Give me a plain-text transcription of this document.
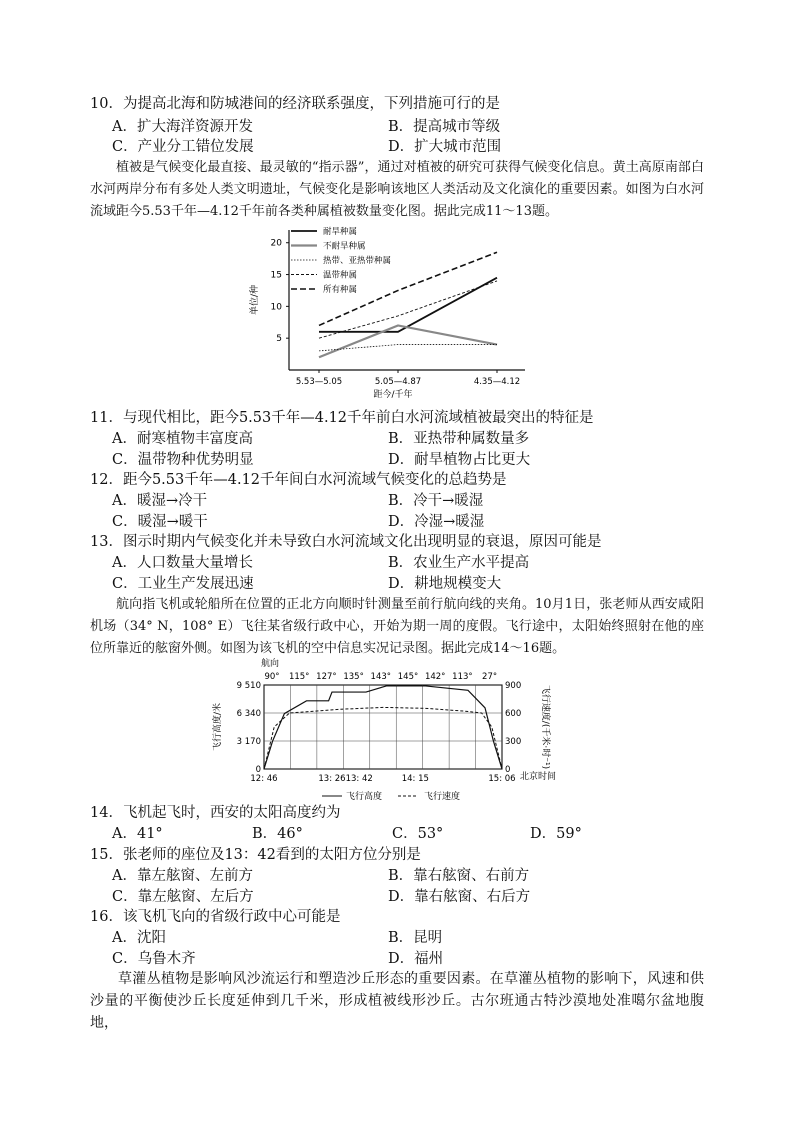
10．为提高北海和防城港间的经济联系强度，下列措施可行的是
A．扩大海洋资源开发	B．提高城市等级
C．产业分工错位发展	D．扩大城市范围
植被是气候变化最直接、最灵敏的“指示器”，通过对植被的研究可获得气候变化信息。黄土高原南部白水河两岸分布有多处人类文明遗址，气候变化是影响该地区人类活动及文化演化的重要因素。如图为白水河流域距今5.53千年—4.12千年前各类种属植被数量变化图。据此完成11～13题。
5
10
15
20
5.53—5.05	5.05—4.87	4.35—4.12
单位/种
距今/千年
耐旱种属
不耐旱种属
热带、亚热带种属
温带种属
所有种属
11．与现代相比，距今5.53千年—4.12千年前白水河流域植被最突出的特征是
A．耐寒植物丰富度高	B．亚热带种属数量多
C．温带物种优势明显	D．耐旱植物占比更大
12．距今5.53千年—4.12千年间白水河流域气候变化的总趋势是
A．暖湿→冷干	B．冷干→暖湿
C．暖湿→暖干	D．冷湿→暖湿
13．图示时期内气候变化并未导致白水河流域文化出现明显的衰退，原因可能是
A．人口数量大量增长	B．农业生产水平提高
C．工业生产发展迅速	D．耕地规模变大
航向指飞机或轮船所在位置的正北方向顺时针测量至前行航向线的夹角。10月1日，张老师从西安咸阳机场（34° N，108° E）飞往某省级行政中心，开始为期一周的度假。飞行途中，太阳始终照射在他的座位所靠近的舷窗外侧。如图为该飞机的空中信息实况记录图。据此完成14～16题。
航向
90° 115° 127° 135° 143° 145° 142° 113° 27°
0
3 170
6 340
9 510
0
300
600
900
12: 46	13: 26 13: 42	14: 15	15: 06
飞行高度/米	飞行速度/(千米·时⁻¹)
北京时间
飞行高度	飞行速度
14．飞机起飞时，西安的太阳高度约为
A．41°	B．46°	C．53°	D．59°
15．张老师的座位及13：42看到的太阳方位分别是
A．靠左舷窗、左前方	B．靠右舷窗、右前方
C．靠左舷窗、左后方	D．靠右舷窗、右后方
16．该飞机飞向的省级行政中心可能是
A．沈阳	B．昆明
C．乌鲁木齐	D．福州
草灌丛植物是影响风沙流运行和塑造沙丘形态的重要因素。在草灌丛植物的影响下，风速和供沙量的平衡使沙丘长度延伸到几千米，形成植被线形沙丘。古尔班通古特沙漠地处准噶尔盆地腹地，
